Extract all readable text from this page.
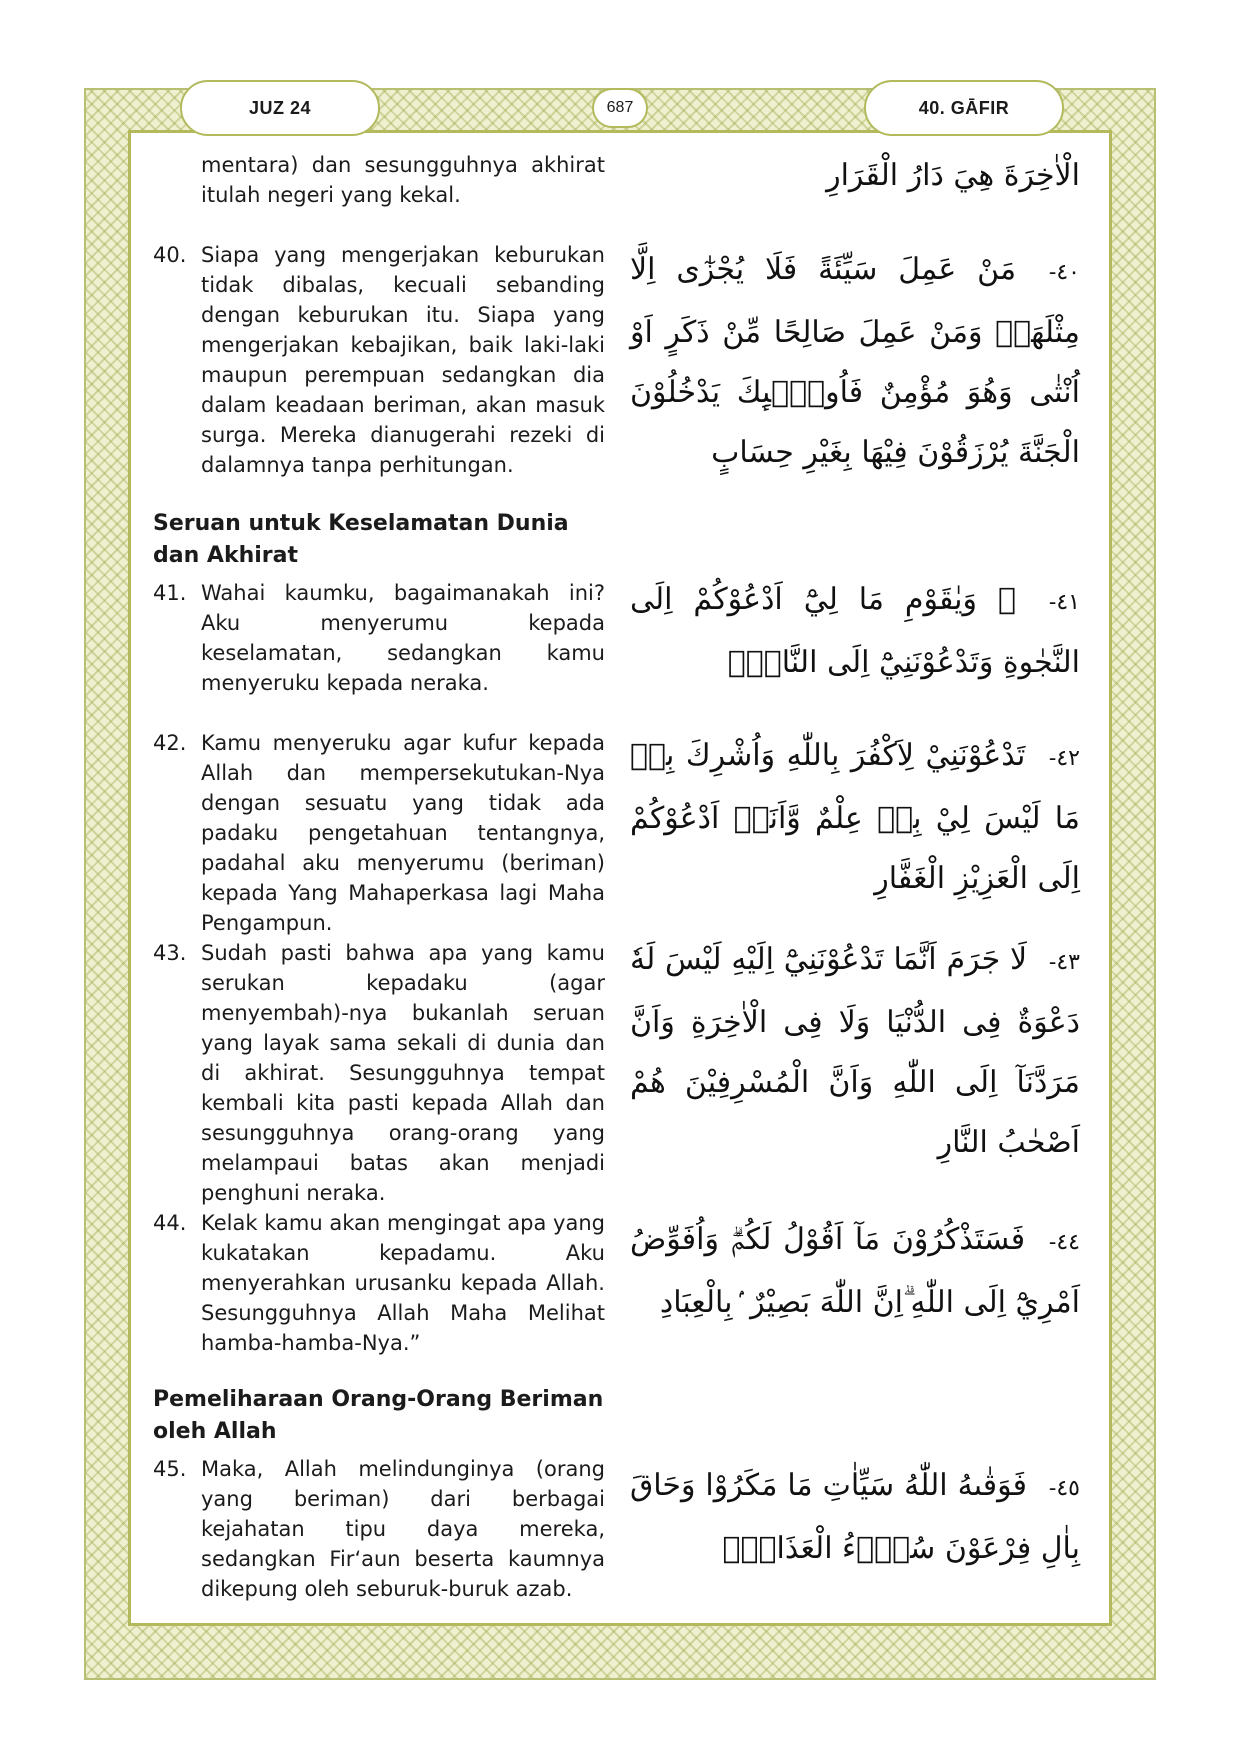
JUZ 24	687	40. GĀFIR
الْاٰخِرَةَ هِيَ دَارُ الْقَرَارِ
mentara) dan sesungguhnya akhirat itulah negeri yang kekal.
٤٠- مَنْ عَمِلَ سَيِّئَةً فَلَا يُجْزٰٓى اِلَّا مِثْلَهَاۚ وَمَنْ عَمِلَ صَالِحًا مِّنْ ذَكَرٍ اَوْ اُنْثٰى وَهُوَ مُؤْمِنٌ فَاُولٰۤىِٕكَ يَدْخُلُوْنَ الْجَنَّةَ يُرْزَقُوْنَ فِيْهَا بِغَيْرِ حِسَابٍ
40. Siapa yang mengerjakan keburukan tidak dibalas, kecuali sebanding dengan keburukan itu. Siapa yang mengerjakan kebajikan, baik laki-laki maupun perempuan sedangkan dia dalam keadaan beriman, akan masuk surga. Mereka dianugerahi rezeki di dalamnya tanpa perhitungan.
Seruan untuk Keselamatan Dunia dan Akhirat
٤١- ۞ وَيٰقَوْمِ مَا لِيْٓ اَدْعُوْكُمْ اِلَى النَّجٰوةِ وَتَدْعُوْنَنِيْٓ اِلَى النَّارِۗ
41. Wahai kaumku, bagaimanakah ini? Aku menyerumu kepada keselamatan, sedangkan kamu menyeruku kepada neraka.
٤٢- تَدْعُوْنَنِيْ لِاَكْفُرَ بِاللّٰهِ وَاُشْرِكَ بِهٖ مَا لَيْسَ لِيْ بِهٖ عِلْمٌ وَّاَنَا۠ اَدْعُوْكُمْ اِلَى الْعَزِيْزِ الْغَفَّارِ
42. Kamu menyeruku agar kufur kepada Allah dan mempersekutukan-Nya dengan sesuatu yang tidak ada padaku pengetahuan tentangnya, padahal aku menyerumu (beriman) kepada Yang Mahaperkasa lagi Maha Pengampun.
٤٣- لَا جَرَمَ اَنَّمَا تَدْعُوْنَنِيْٓ اِلَيْهِ لَيْسَ لَهٗ دَعْوَةٌ فِى الدُّنْيَا وَلَا فِى الْاٰخِرَةِ وَاَنَّ مَرَدَّنَآ اِلَى اللّٰهِ وَاَنَّ الْمُسْرِفِيْنَ هُمْ اَصْحٰبُ النَّارِ
43. Sudah pasti bahwa apa yang kamu serukan kepadaku (agar menyembah)-nya bukanlah seruan yang layak sama sekali di dunia dan di akhirat. Sesungguhnya tempat kembali kita pasti kepada Allah dan sesungguhnya orang-orang yang melampaui batas akan menjadi penghuni neraka.
٤٤- فَسَتَذْكُرُوْنَ مَآ اَقُوْلُ لَكُمْۗ وَاُفَوِّضُ اَمْرِيْٓ اِلَى اللّٰهِ ۗاِنَّ اللّٰهَ بَصِيْرٌ ۢبِالْعِبَادِ
44. Kelak kamu akan mengingat apa yang kukatakan kepadamu. Aku menyerahkan urusanku kepada Allah. Sesungguhnya Allah Maha Melihat hamba-hamba-Nya.”
Pemeliharaan Orang-Orang Beriman oleh Allah
٤٥- فَوَقٰىهُ اللّٰهُ سَيِّاٰتِ مَا مَكَرُوْا وَحَاقَ بِاٰلِ فِرْعَوْنَ سُوْۤءُ الْعَذَابِۚ
45. Maka, Allah melindunginya (orang yang beriman) dari berbagai kejahatan tipu daya mereka, sedangkan Fir‘aun beserta kaumnya dikepung oleh seburuk-buruk azab.
